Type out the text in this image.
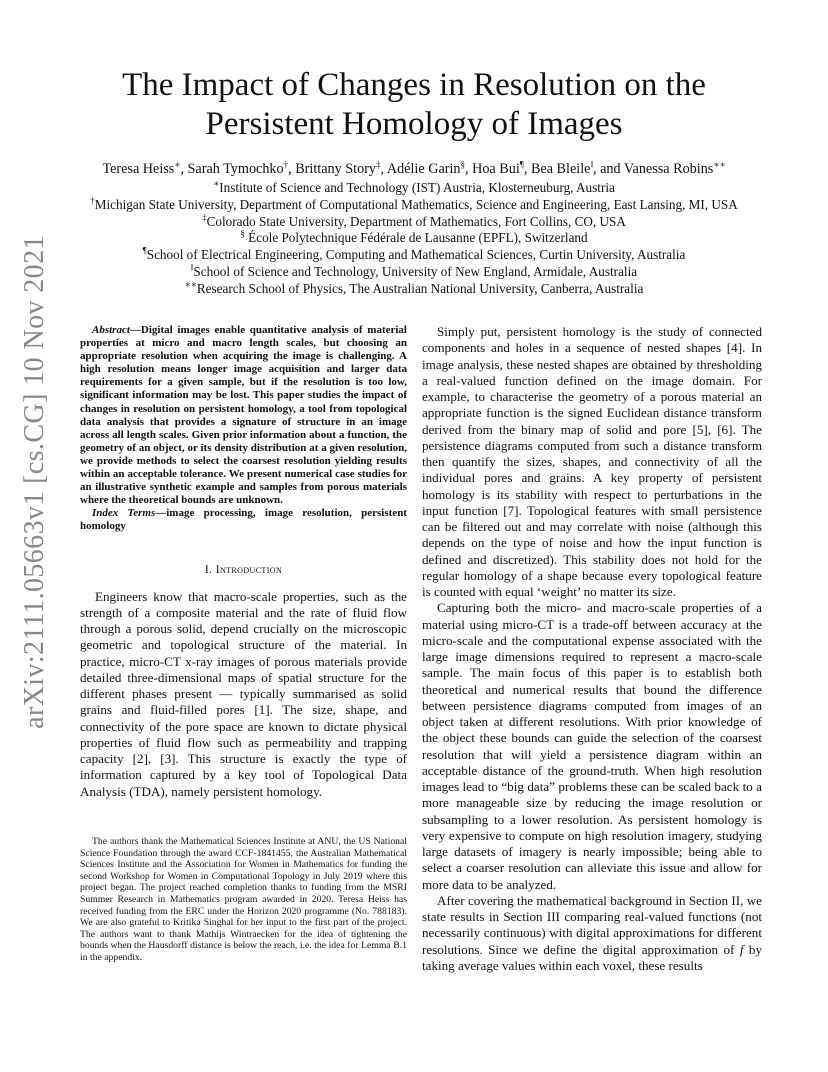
arXiv:2111.05663v1 [cs.CG] 10 Nov 2021
The Impact of Changes in Resolution on the
Persistent Homology of Images
Teresa Heiss∗, Sarah Tymochko†, Brittany Story‡, Adélie Garin§, Hoa Bui¶, Bea Bleile‖, and Vanessa Robins∗∗
∗Institute of Science and Technology (IST) Austria, Klosterneuburg, Austria
†Michigan State University, Department of Computational Mathematics, Science and Engineering, East Lansing, MI, USA
‡Colorado State University, Department of Mathematics, Fort Collins, CO, USA
§ École Polytechnique Fédérale de Lausanne (EPFL), Switzerland
¶School of Electrical Engineering, Computing and Mathematical Sciences, Curtin University, Australia
‖School of Science and Technology, University of New England, Armidale, Australia
∗∗Research School of Physics, The Australian National University, Canberra, Australia

Abstract—Digital images enable quantitative analysis of material properties at micro and macro length scales, but choosing an appropriate resolution when acquiring the image is challenging. A high resolution means longer image acquisition and larger data requirements for a given sample, but if the resolution is too low, significant information may be lost. This paper studies the impact of changes in resolution on persistent homology, a tool from topological data analysis that provides a signature of structure in an image across all length scales. Given prior information about a function, the geometry of an object, or its density distribution at a given resolution, we provide methods to select the coarsest resolution yielding results within an acceptable tolerance. We present numerical case studies for an illustrative synthetic example and samples from porous materials where the theoretical bounds are unknown.

Index Terms—image processing, image resolution, persistent homology

I. Introduction

Engineers know that macro-scale properties, such as the strength of a composite material and the rate of fluid flow through a porous solid, depend crucially on the microscopic geometric and topological structure of the material. In practice, micro-CT x-ray images of porous materials provide detailed three-dimensional maps of spatial structure for the different phases present — typically summarised as solid grains and fluid-filled pores [1]. The size, shape, and connectivity of the pore space are known to dictate physical properties of fluid flow such as permeability and trapping capacity [2], [3]. This structure is exactly the type of information captured by a key tool of Topological Data Analysis (TDA), namely persistent homology.

The authors thank the Mathematical Sciences Institute at ANU, the US National Science Foundation through the award CCF-1841455, the Australian Mathematical Sciences Institute and the Association for Women in Mathematics for funding the second Workshop for Women in Computational Topology in July 2019 where this project began. The project reached completion thanks to funding from the MSRI Summer Research in Mathematics program awarded in 2020. Teresa Heiss has received funding from the ERC under the Horizon 2020 programme (No. 788183). We are also grateful to Kritika Singhal for her input to the first part of the project. The authors want to thank Mathijs Wintraecken for the idea of tightening the bounds when the Hausdorff distance is below the reach, i.e. the idea for Lemma B.1 in the appendix.

Simply put, persistent homology is the study of connected components and holes in a sequence of nested shapes [4]. In image analysis, these nested shapes are obtained by thresholding a real-valued function defined on the image domain. For example, to characterise the geometry of a porous material an appropriate function is the signed Euclidean distance transform derived from the binary map of solid and pore [5], [6]. The persistence diagrams computed from such a distance transform then quantify the sizes, shapes, and connectivity of all the individual pores and grains. A key property of persistent homology is its stability with respect to perturbations in the input function [7]. Topological features with small persistence can be filtered out and may correlate with noise (although this depends on the type of noise and how the input function is defined and discretized). This stability does not hold for the regular homology of a shape because every topological feature is counted with equal ‘weight’ no matter its size.

Capturing both the micro- and macro-scale properties of a material using micro-CT is a trade-off between accuracy at the micro-scale and the computational expense associated with the large image dimensions required to represent a macro-scale sample. The main focus of this paper is to establish both theoretical and numerical results that bound the difference between persistence diagrams computed from images of an object taken at different resolutions. With prior knowledge of the object these bounds can guide the selection of the coarsest resolution that will yield a persistence diagram within an acceptable distance of the ground-truth. When high resolution images lead to “big data” problems these can be scaled back to a more manageable size by reducing the image resolution or subsampling to a lower resolution. As persistent homology is very expensive to compute on high resolution imagery, studying large datasets of imagery is nearly impossible; being able to select a coarser resolution can alleviate this issue and allow for more data to be analyzed.

After covering the mathematical background in Section II, we state results in Section III comparing real-valued functions (not necessarily continuous) with digital approximations for different resolutions. Since we define the digital approximation of f by taking average values within each voxel, these results
